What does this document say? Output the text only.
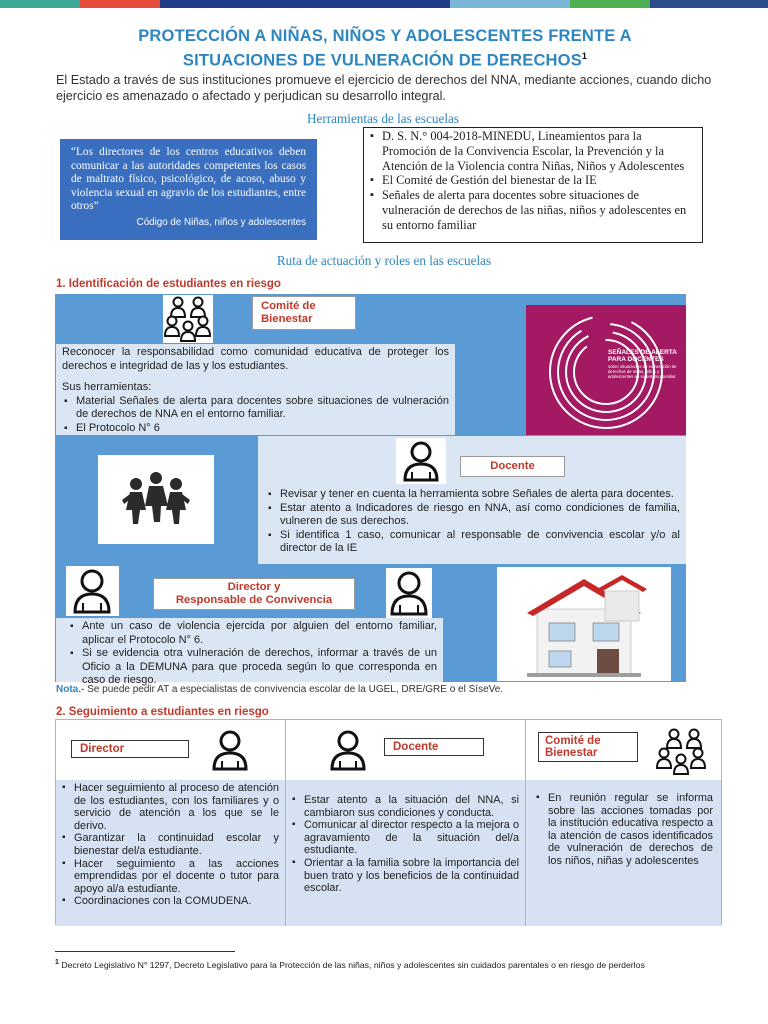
PROTECCIÓN A NIÑAS, NIÑOS Y ADOLESCENTES FRENTE A
SITUACIONES DE VULNERACIÓN DE DERECHOS$^1$
El Estado a través de sus instituciones promueve el ejercicio de derechos del NNA, mediante acciones, cuando dicho ejercicio es amenazado o afectado y perjudican su desarrollo integral.
Herramientas de las escuelas
“Los directores de los centros educativos deben comunicar a las autoridades competentes los casos de maltrato físico, psicológico, de acoso, abuso y violencia sexual en agravio de los estudiantes, entre otros”
Código de Niñas, niños y adolescentes
▪ D. S. N.° 004-2018-MINEDU, Lineamientos para la Promoción de la Convivencia Escolar, la Prevención y la Atención de la Violencia contra Niñas, Niños y Adolescentes
▪ El Comité de Gestión del bienestar de la IE
▪ Señales de alerta para docentes sobre situaciones de vulneración de derechos de las niñas, niños y adolescentes en su entorno familiar
Ruta de actuación y roles en las escuelas
1. Identificación de estudiantes en riesgo
Comité de Bienestar
Reconocer la responsabilidad como comunidad educativa de proteger los derechos e integridad de las y los estudiantes.
Sus herramientas:
▪ Material Señales de alerta para docentes sobre situaciones de vulneración de derechos de NNA en el entorno familiar.
▪ El Protocolo N° 6
SEÑALES DE ALERTA
PARA DOCENTES
sobre situaciones de vulneración de derechos de niñas, niños y adolescentes en su entorno familiar
Docente
▪ Revisar y tener en cuenta la herramienta sobre Señales de alerta para docentes.
▪ Estar atento a Indicadores de riesgo en NNA, así como condiciones de familia, vulneren de sus derechos.
▪ Si identifica 1 caso, comunicar al responsable de convivencia escolar y/o al director de la IE
Director y
Responsable de Convivencia
▪ Ante un caso de violencia ejercida por alguien del entorno familiar, aplicar el Protocolo N° 6.
▪ Si se evidencia otra vulneración de derechos, informar a través de un Oficio a la DEMUNA para que proceda según lo que corresponda en caso de riesgo.
Nota.- Se puede pedir AT a especialistas de convivencia escolar de la UGEL, DRE/GRE o el SíseVe.
2. Seguimiento a estudiantes en riesgo
Director
▪ Hacer seguimiento al proceso de atención de los estudiantes, con los familiares y o servicio de atención a los que se le derivo.
▪ Garantizar la continuidad escolar y bienestar del/a estudiante.
▪ Hacer seguimiento a las acciones emprendidas por el docente o tutor para apoyo al/a estudiante.
▪ Coordinaciones con la COMUDENA.
Docente
▪ Estar atento a la situación del NNA, si cambiaron sus condiciones y conducta.
▪ Comunicar al director respecto a la mejora o agravamiento de la situación del/a estudiante.
▪ Orientar a la familia sobre la importancia del buen trato y los beneficios de la continuidad escolar.
Comité de
Bienestar
▪ En reunión regular se informa sobre las acciones tomadas por la institución educativa respecto a la atención de casos identificados de vulneración de derechos de los niños, niñas y adolescentes
$^1$ Decreto Legislativo N° 1297, Decreto Legislativo para la Protección de las niñas, niños y adolescentes sin cuidados parentales o en riesgo de perderlos
